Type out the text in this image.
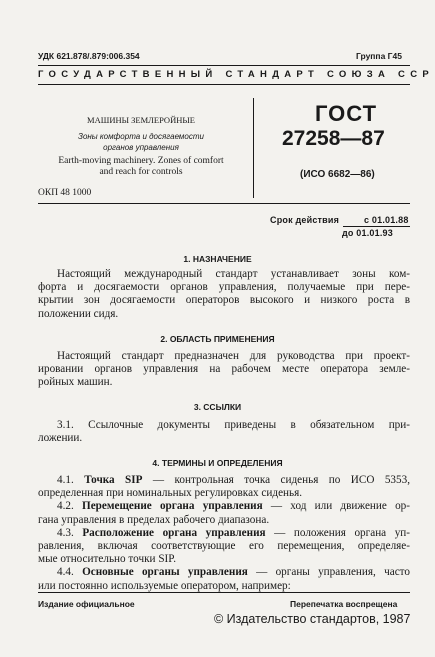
УДК 621.878/.879:006.354	Группа Г45
ГОСУДАРСТВЕННЫЙ СТАНДАРТ СОЮЗА ССР
МАШИНЫ ЗЕМЛЕРОЙНЫЕ
Зоны комфорта и досягаемости
органов управления
Earth-moving machinery. Zones of comfort
and reach for controls
ОКП 48 1000
ГОСТ
27258—87
(ИСО 6682—86)
Срок действия	с 01.01.88
до 01.01.93
1. НАЗНАЧЕНИЕ
Настоящий международный стандарт устанавливает зоны ком-
форта и досягаемости органов управления, получаемые при пере-
крытии зон досягаемости операторов высокого и низкого роста в
положении сидя.
2. ОБЛАСТЬ ПРИМЕНЕНИЯ
Настоящий стандарт предназначен для руководства при проект-
ировании органов управления на рабочем месте оператора земле-
ройных машин.
3. ССЫЛКИ
3.1. Ссылочные документы приведены в обязательном при-
ложении.
4. ТЕРМИНЫ И ОПРЕДЕЛЕНИЯ
4.1. Точка SIP — контрольная точка сиденья по ИСО 5353,
определенная при номинальных регулировках сиденья.
4.2. Перемещение органа управления — ход или движение ор-
гана управления в пределах рабочего диапазона.
4.3. Расположение органа управления — положения органа уп-
равления, включая соответствующие его перемещения, определяе-
мые относительно точки SIP.
4.4. Основные органы управления — органы управления, часто
или постоянно используемые оператором, например:
Издание официальное	Перепечатка воспрещена
© Издательство стандартов, 1987
